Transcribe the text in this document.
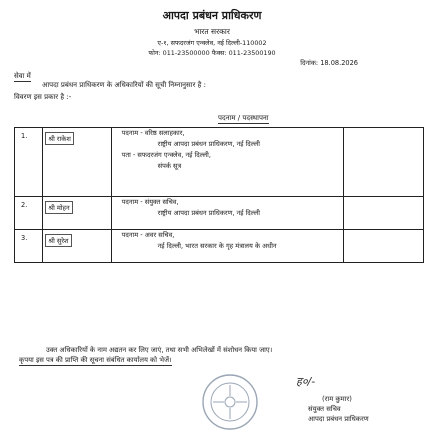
आपदा प्रबंधन प्राधिकरण
भारत सरकार
ए-१, सफदरजंग एन्क्लेव, नई दिल्ली-110002
फोन: 011-23500000 फैक्स: 011-23500190
दिनांक: 18.08.2026
सेवा में
आपदा प्रबंधन प्राधिकरण के अधिकारियों की सूची निम्नानुसार है :
विवरण इस प्रकार है :-
पदनाम / पदस्थापना
1.	श्री राकेश	पदनाम - वरिष्ठ सलाहकार,
राष्ट्रीय आपदा प्रबंधन प्राधिकरण, नई दिल्ली
पता - सफदरजंग एन्क्लेव, नई दिल्ली,
संपर्क सूत्र	

2.	श्री मोहन	पदनाम - संयुक्त सचिव,
राष्ट्रीय आपदा प्रबंधन प्राधिकरण, नई दिल्ली	

3.	श्री सुरेश	पदनाम - अवर सचिव,
नई दिल्ली, भारत सरकार के गृह मंत्रालय के अधीन	

उक्त अधिकारियों के नाम अद्यतन कर लिए जाएं, तथा सभी अभिलेखों में संशोधन किया जाए।
कृपया इस पत्र की प्राप्ति की सूचना संबंधित कार्यालय को भेजें।
ह०/-
(राम कुमार)
संयुक्त सचिव
आपदा प्रबंधन प्राधिकरण
